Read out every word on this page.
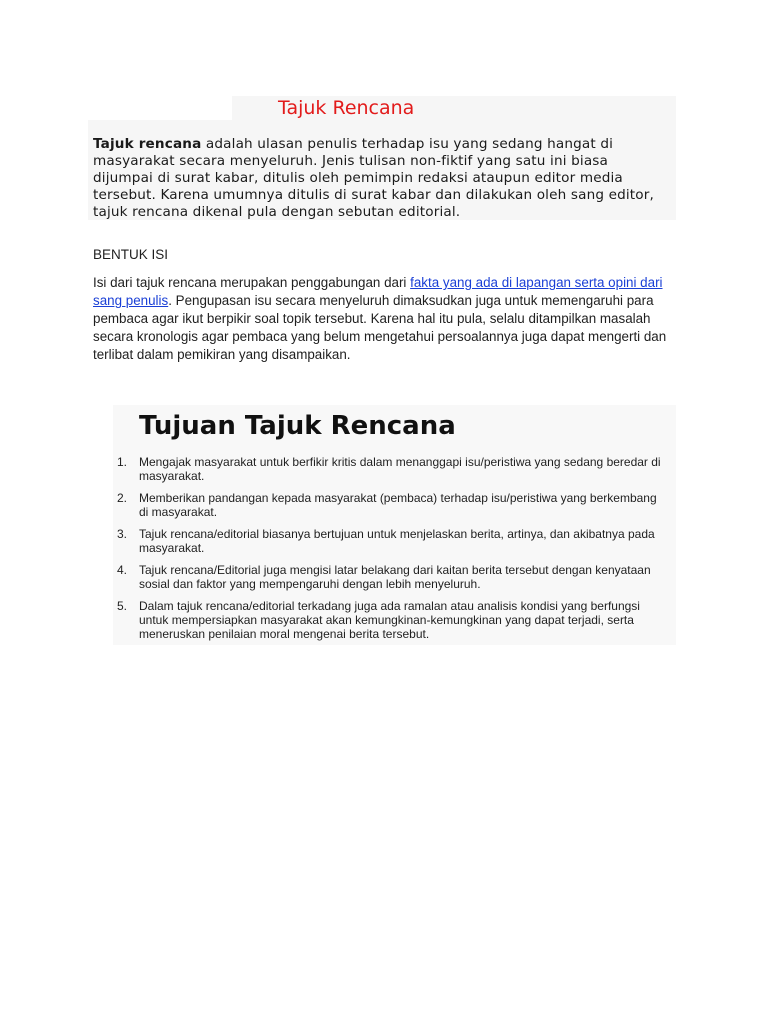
Tajuk Rencana

Tajuk rencana adalah ulasan penulis terhadap isu yang sedang hangat di masyarakat secara menyeluruh. Jenis tulisan non-fiktif yang satu ini biasa dijumpai di surat kabar, ditulis oleh pemimpin redaksi ataupun editor media tersebut. Karena umumnya ditulis di surat kabar dan dilakukan oleh sang editor, tajuk rencana dikenal pula dengan sebutan editorial.

BENTUK ISI

Isi dari tajuk rencana merupakan penggabungan dari fakta yang ada di lapangan serta opini dari sang penulis. Pengupasan isu secara menyeluruh dimaksudkan juga untuk memengaruhi para pembaca agar ikut berpikir soal topik tersebut. Karena hal itu pula, selalu ditampilkan masalah secara kronologis agar pembaca yang belum mengetahui persoalannya juga dapat mengerti dan terlibat dalam pemikiran yang disampaikan.

Tujuan Tajuk Rencana
1. Mengajak masyarakat untuk berfikir kritis dalam menanggapi isu/peristiwa yang sedang beredar di masyarakat.
2. Memberikan pandangan kepada masyarakat (pembaca) terhadap isu/peristiwa yang berkembang di masyarakat.
3. Tajuk rencana/editorial biasanya bertujuan untuk menjelaskan berita, artinya, dan akibatnya pada masyarakat.
4. Tajuk rencana/Editorial juga mengisi latar belakang dari kaitan berita tersebut dengan kenyataan sosial dan faktor yang mempengaruhi dengan lebih menyeluruh.
5. Dalam tajuk rencana/editorial terkadang juga ada ramalan atau analisis kondisi yang berfungsi untuk mempersiapkan masyarakat akan kemungkinan-kemungkinan yang dapat terjadi, serta meneruskan penilaian moral mengenai berita tersebut.
